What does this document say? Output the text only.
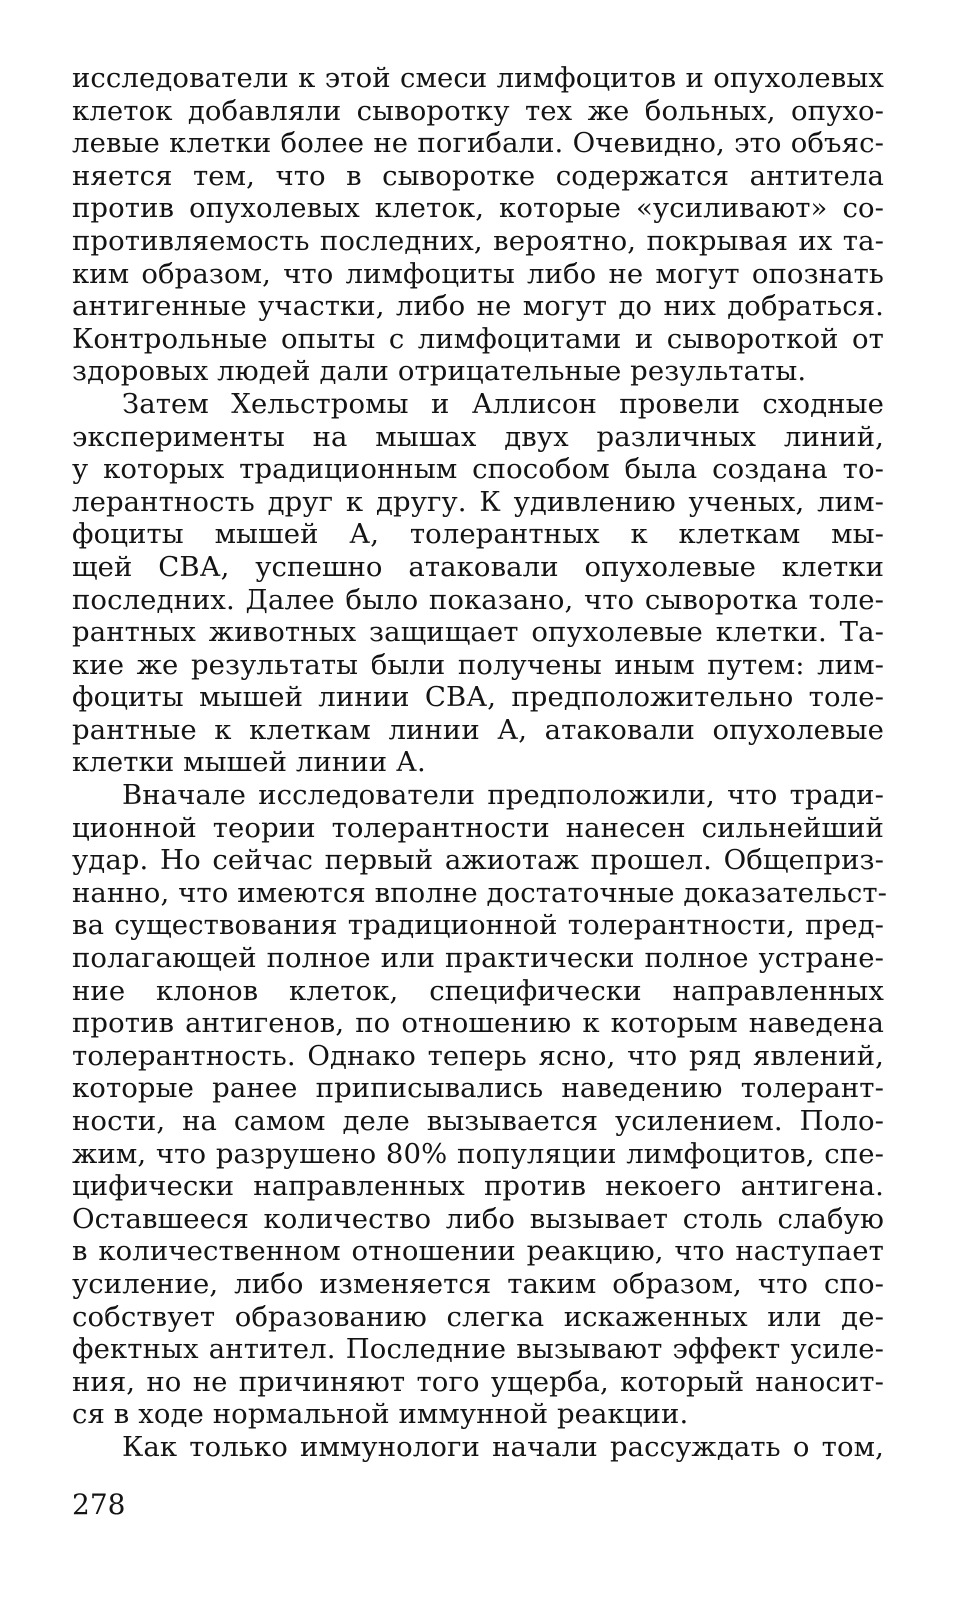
исследователи к этой смеси лимфоцитов и опухолевых
клеток добавляли сыворотку тех же больных, опухо-
левые клетки более не погибали. Очевидно, это объяс-
няется тем, что в сыворотке содержатся антитела
против опухолевых клеток, которые «усиливают» со-
противляемость последних, вероятно, покрывая их та-
ким образом, что лимфоциты либо не могут опознать
антигенные участки, либо не могут до них добраться.
Контрольные опыты с лимфоцитами и сывороткой от
здоровых людей дали отрицательные результаты.
Затем Хельстромы и Аллисон провели сходные
эксперименты на мышах двух различных линий,
у которых традиционным способом была создана то-
лерантность друг к другу. К удивлению ученых, лим-
фоциты мышей А, толерантных к клеткам мы-
щей СВА, успешно атаковали опухолевые клетки
последних. Далее было показано, что сыворотка толе-
рантных животных защищает опухолевые клетки. Та-
кие же результаты были получены иным путем: лим-
фоциты мышей линии СВА, предположительно толе-
рантные к клеткам линии А, атаковали опухолевые
клетки мышей линии А.
Вначале исследователи предположили, что тради-
ционной теории толерантности нанесен сильнейший
удар. Но сейчас первый ажиотаж прошел. Общеприз-
нанно, что имеются вполне достаточные доказательст-
ва существования традиционной толерантности, пред-
полагающей полное или практически полное устране-
ние клонов клеток, специфически направленных
против антигенов, по отношению к которым наведена
толерантность. Однако теперь ясно, что ряд явлений,
которые ранее приписывались наведению толерант-
ности, на самом деле вызывается усилением. Поло-
жим, что разрушено 80% популяции лимфоцитов, спе-
цифически направленных против некоего антигена.
Оставшееся количество либо вызывает столь слабую
в количественном отношении реакцию, что наступает
усиление, либо изменяется таким образом, что спо-
собствует образованию слегка искаженных или де-
фектных антител. Последние вызывают эффект усиле-
ния, но не причиняют того ущерба, который наносит-
ся в ходе нормальной иммунной реакции.
Как только иммунологи начали рассуждать о том,
278
